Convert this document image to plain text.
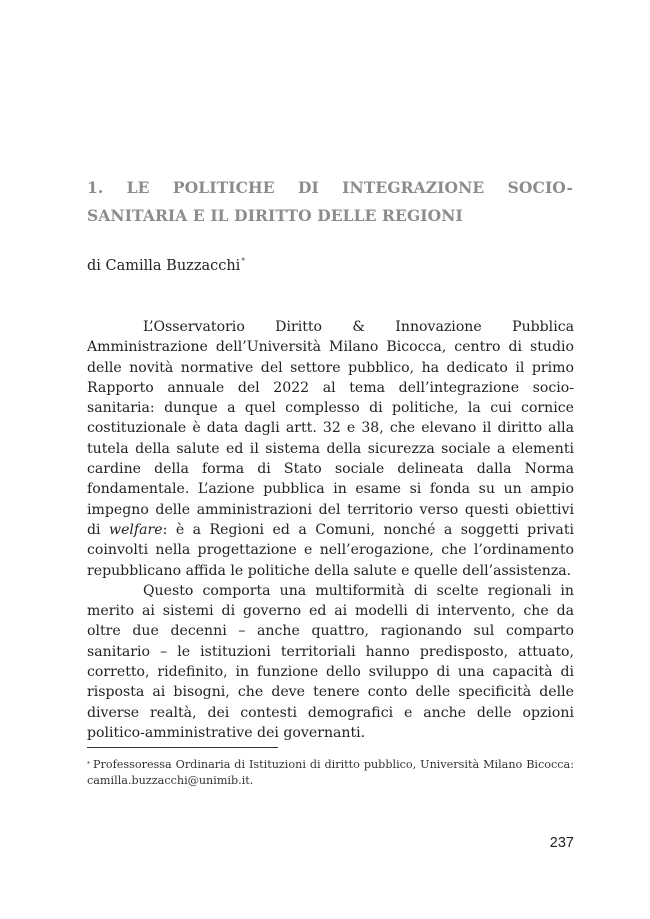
1. LE POLITICHE DI INTEGRAZIONE SOCIO-
SANITARIA E IL DIRITTO DELLE REGIONI

di Camilla Buzzacchi*

L’Osservatorio Diritto & Innovazione Pubblica Amministrazione dell’Università Milano Bicocca, centro di studio delle novità normative del settore pubblico, ha dedicato il primo Rapporto annuale del 2022 al tema dell’integrazione socio-sanitaria: dunque a quel complesso di politiche, la cui cornice costituzionale è data dagli artt. 32 e 38, che elevano il diritto alla tutela della salute ed il sistema della sicurezza sociale a elementi cardine della forma di Stato sociale delineata dalla Norma fondamentale. L’azione pubblica in esame si fonda su un ampio impegno delle amministrazioni del territorio verso questi obiettivi di welfare: è a Regioni ed a Comuni, nonché a soggetti privati coinvolti nella progettazione e nell’erogazione, che l’ordinamento repubblicano affida le politiche della salute e quelle dell’assistenza.

Questo comporta una multiformità di scelte regionali in merito ai sistemi di governo ed ai modelli di intervento, che da oltre due decenni – anche quattro, ragionando sul comparto sanitario – le istituzioni territoriali hanno predisposto, attuato, corretto, ridefinito, in funzione dello sviluppo di una capacità di risposta ai bisogni, che deve tenere conto delle specificità delle diverse realtà, dei contesti demografici e anche delle opzioni politico-amministrative dei governanti.

* Professoressa Ordinaria di Istituzioni di diritto pubblico, Università Milano Bicocca: camilla.buzzacchi@unimib.it.

237
